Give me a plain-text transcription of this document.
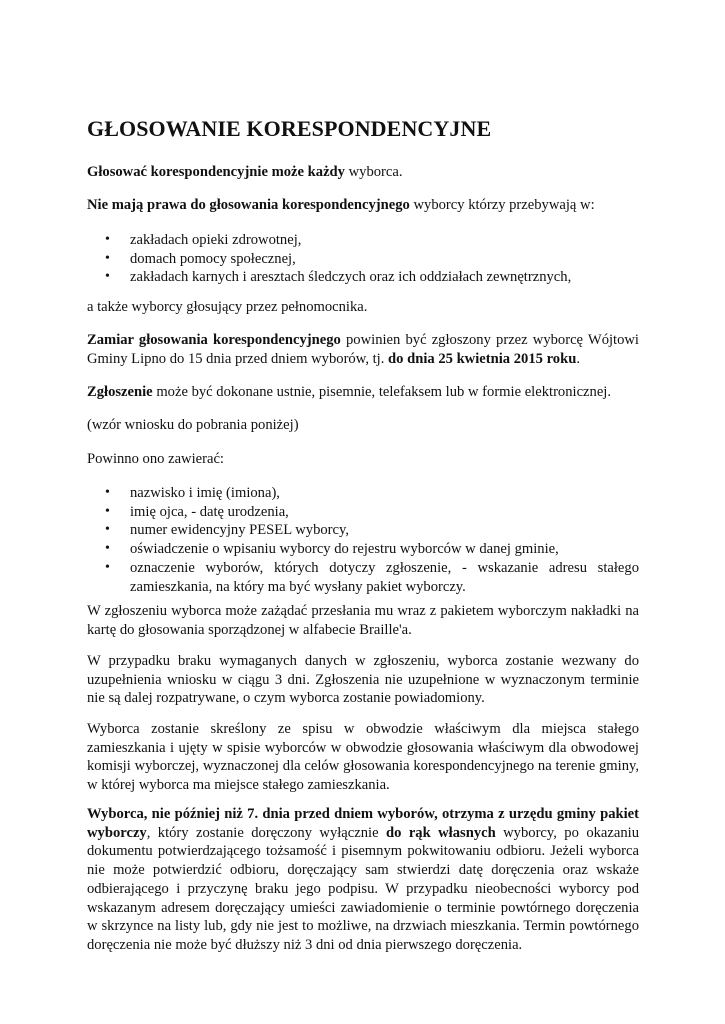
GŁOSOWANIE KORESPONDENCYJNE

Głosować korespondencyjnie może każdy wyborca.

Nie mają prawa do głosowania korespondencyjnego wyborcy którzy przebywają w:

• zakładach opieki zdrowotnej,
• domach pomocy społecznej,
• zakładach karnych i aresztach śledczych oraz ich oddziałach zewnętrznych,

a także wyborcy głosujący przez pełnomocnika.

Zamiar głosowania korespondencyjnego powinien być zgłoszony przez wyborcę Wójtowi Gminy Lipno do 15 dnia przed dniem wyborów, tj. do dnia 25 kwietnia 2015 roku.

Zgłoszenie może być dokonane ustnie, pisemnie, telefaksem lub w formie elektronicznej.

(wzór wniosku do pobrania poniżej)

Powinno ono zawierać:

• nazwisko i imię (imiona),
• imię ojca, - datę urodzenia,
• numer ewidencyjny PESEL wyborcy,
• oświadczenie o wpisaniu wyborcy do rejestru wyborców w danej gminie,
• oznaczenie wyborów, których dotyczy zgłoszenie, - wskazanie adresu stałego zamieszkania, na który ma być wysłany pakiet wyborczy.

W zgłoszeniu wyborca może zażądać przesłania mu wraz z pakietem wyborczym nakładki na kartę do głosowania sporządzonej w alfabecie Braille'a.

W przypadku braku wymaganych danych w zgłoszeniu, wyborca zostanie wezwany do uzupełnienia wniosku w ciągu 3 dni. Zgłoszenia nie uzupełnione w wyznaczonym terminie nie są dalej rozpatrywane, o czym wyborca zostanie powiadomiony.

Wyborca zostanie skreślony ze spisu w obwodzie właściwym dla miejsca stałego zamieszkania i ujęty w spisie wyborców w obwodzie głosowania właściwym dla obwodowej komisji wyborczej, wyznaczonej dla celów głosowania korespondencyjnego na terenie gminy, w której wyborca ma miejsce stałego zamieszkania.

Wyborca, nie później niż 7. dnia przed dniem wyborów, otrzyma z urzędu gminy pakiet wyborczy, który zostanie doręczony wyłącznie do rąk własnych wyborcy, po okazaniu dokumentu potwierdzającego tożsamość i pisemnym pokwitowaniu odbioru. Jeżeli wyborca nie może potwierdzić odbioru, doręczający sam stwierdzi datę doręczenia oraz wskaże odbierającego i przyczynę braku jego podpisu. W przypadku nieobecności wyborcy pod wskazanym adresem doręczający umieści zawiadomienie o terminie powtórnego doręczenia w skrzynce na listy lub, gdy nie jest to możliwe, na drzwiach mieszkania. Termin powtórnego doręczenia nie może być dłuższy niż 3 dni od dnia pierwszego doręczenia.
